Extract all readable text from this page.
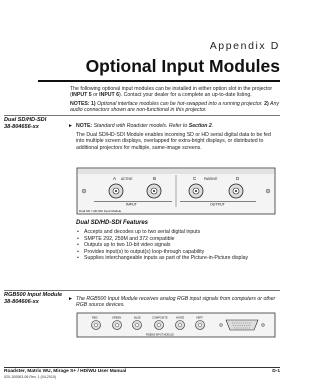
Appendix D
Optional Input Modules
The following optional input modules can be installed in either option slot in the projector (INPUT 5 or INPUT 6). Contact your dealer for a complete an up-to-date listing.
NOTES: 1) Optional interface modules can be hot-swapped into a running projector. 2) Any audio connectors shown are non-functional in this projector.
Dual SD/HD-SDI
38-804656-xx	► NOTE: Standard with Roadster models. Refer to Section 2.
The Dual SD/HD-SDI Module enables incoming SD or HD serial digital data to be fed into multiple screen displays, overlapped for extra-bright displays, or distributed to additional projectors for multiple, same-image screens.
A	B	C	D
ACTIVE	PASSIVE
INPUT	OUTPUT
Dual SD / HD-SDI Input Module
Dual SD/HD-SDI Features
• Accepts and decodes up to two serial digital inputs
• SMPTE 292, 259M and 372 compatible
• Outputs up to two 10-bit video signals
• Provides input(s) to output(s) loop-through capability
• Supplies interchangeable inputs as part of the Picture-in-Picture display
RGB500 Input Module
38-804606-xx	► The RGB500 Input Module receives analog RGB input signals from computers or other RGB source devices.
RED	GREEN	BLUE	COMPOSITE	HORIZ	VERT
RGB500 INPUT MODULE
Roadster, Matrix WU, Mirage S+ / HD/WU User Manual
020-100063-06 Rev. 1 (04-2010)
D-1
